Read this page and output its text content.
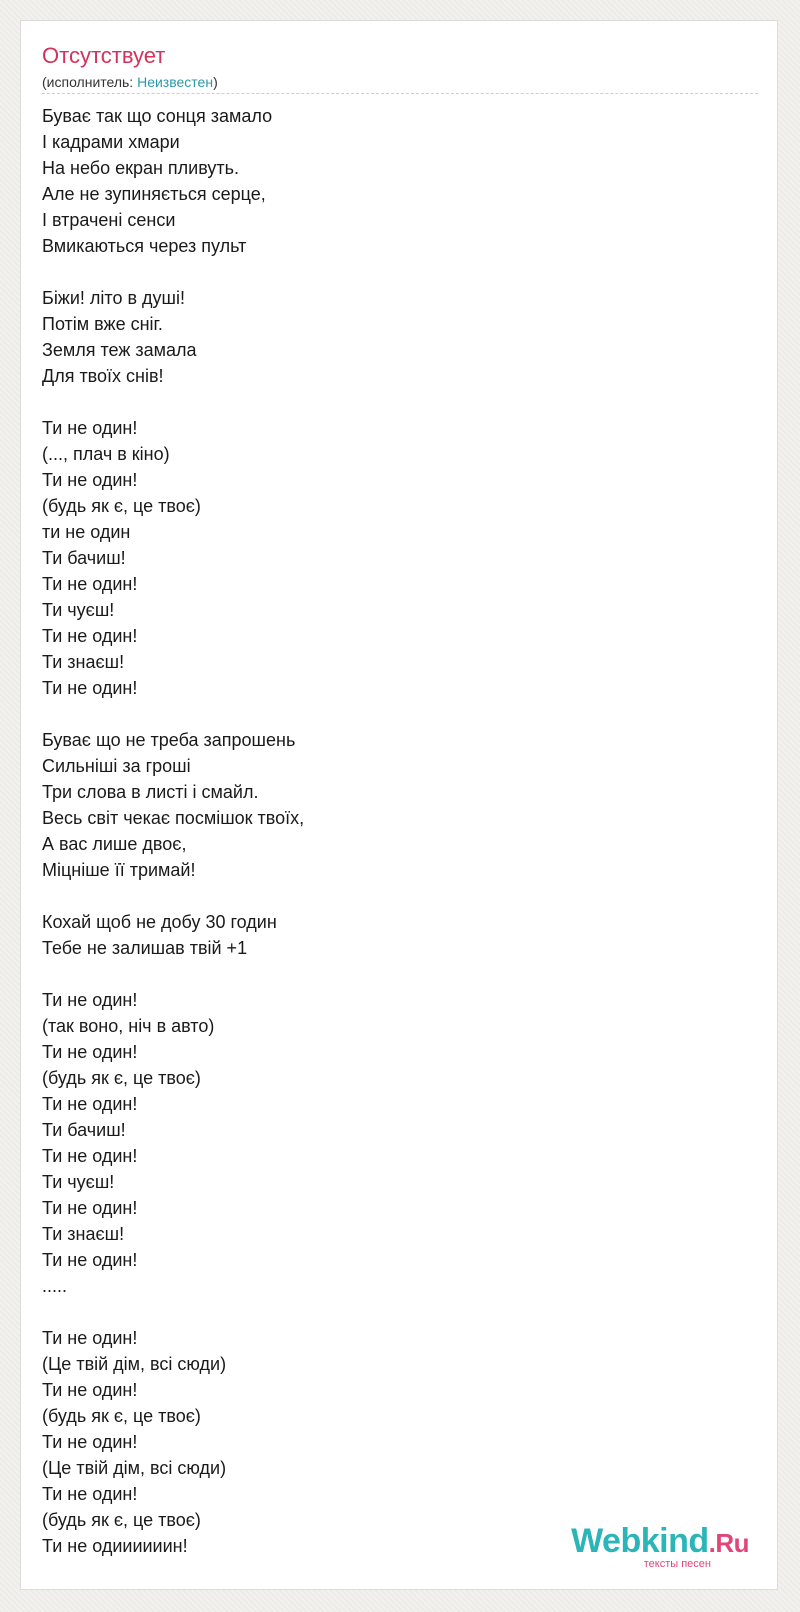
Отсутствует
(исполнитель: Неизвестен)
Буває так що сонця замало
І кадрами хмари
На небо екран пливуть.
Але не зупиняється серце,
І втрачені сенси
Вмикаються через пульт
Біжи! літо в душі!
Потім вже сніг.
Земля теж замала
Для твоїх снів!
Ти не один!
(..., плач в кіно)
Ти не один!
(будь як є, це твоє)
ти не один
Ти бачиш!
Ти не один!
Ти чуєш!
Ти не один!
Ти знаєш!
Ти не один!
Буває що не треба запрошень
Сильніші за гроші
Три слова в листі і смайл.
Весь світ чекає посмішок твоїх,
А вас лише двоє,
Міцніше її тримай!
Кохай щоб не добу 30 годин
Тебе не залишав твій +1
Ти не один!
(так воно, ніч в авто)
Ти не один!
(будь як є, це твоє)
Ти не один!
Ти бачиш!
Ти не один!
Ти чуєш!
Ти не один!
Ти знаєш!
Ти не один!
.....
Ти не один!
(Це твій дім, всі сюди)
Ти не один!
(будь як є, це твоє)
Ти не один!
(Це твій дім, всі сюди)
Ти не один!
(будь як є, це твоє)
Ти не одиииииин!	Webkind.Ru
тексты песен
